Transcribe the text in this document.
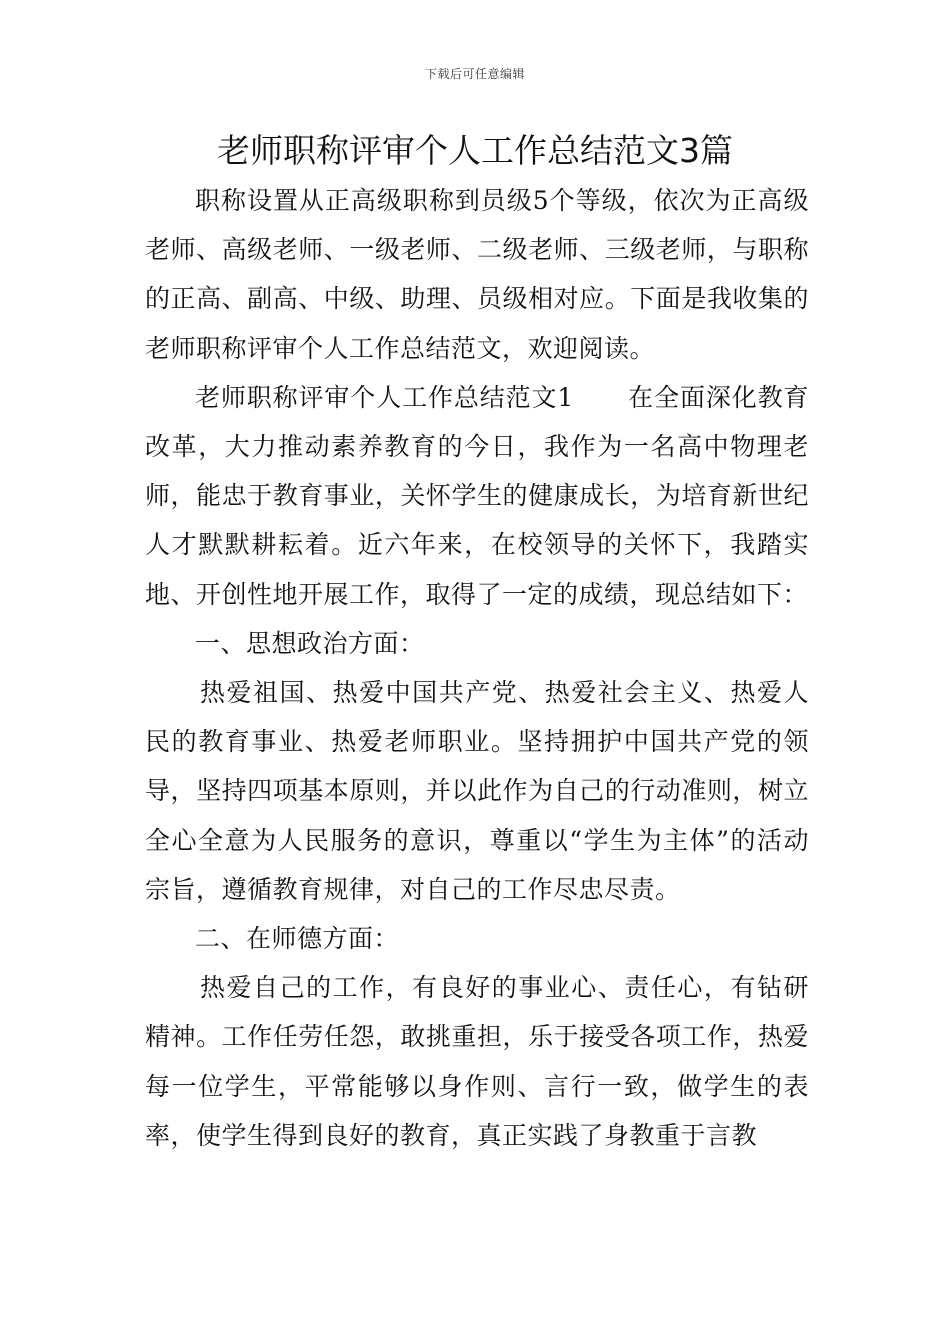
下载后可任意编辑
老师职称评审个人工作总结范文3篇

职称设置从正高级职称到员级5个等级，依次为正高级老师、高级老师、一级老师、二级老师、三级老师，与职称的正高、副高、中级、助理、员级相对应。下面是我收集的老师职称评审个人工作总结范文，欢迎阅读。

老师职称评审个人工作总结范文1 在全面深化教育改革，大力推动素养教育的今日，我作为一名高中物理老师，能忠于教育事业，关怀学生的健康成长，为培育新世纪人才默默耕耘着。近六年来，在校领导的关怀下，我踏实地、开创性地开展工作，取得了一定的成绩，现总结如下：

一、思想政治方面：

热爱祖国、热爱中国共产党、热爱社会主义、热爱人民的教育事业、热爱老师职业。坚持拥护中国共产党的领导，坚持四项基本原则，并以此作为自己的行动准则，树立全心全意为人民服务的意识，尊重以“学生为主体”的活动宗旨，遵循教育规律，对自己的工作尽忠尽责。

二、在师德方面：

热爱自己的工作，有良好的事业心、责任心，有钻研精神。工作任劳任怨，敢挑重担，乐于接受各项工作，热爱每一位学生，平常能够以身作则、言行一致，做学生的表率，使学生得到良好的教育，真正实践了身教重于言教
